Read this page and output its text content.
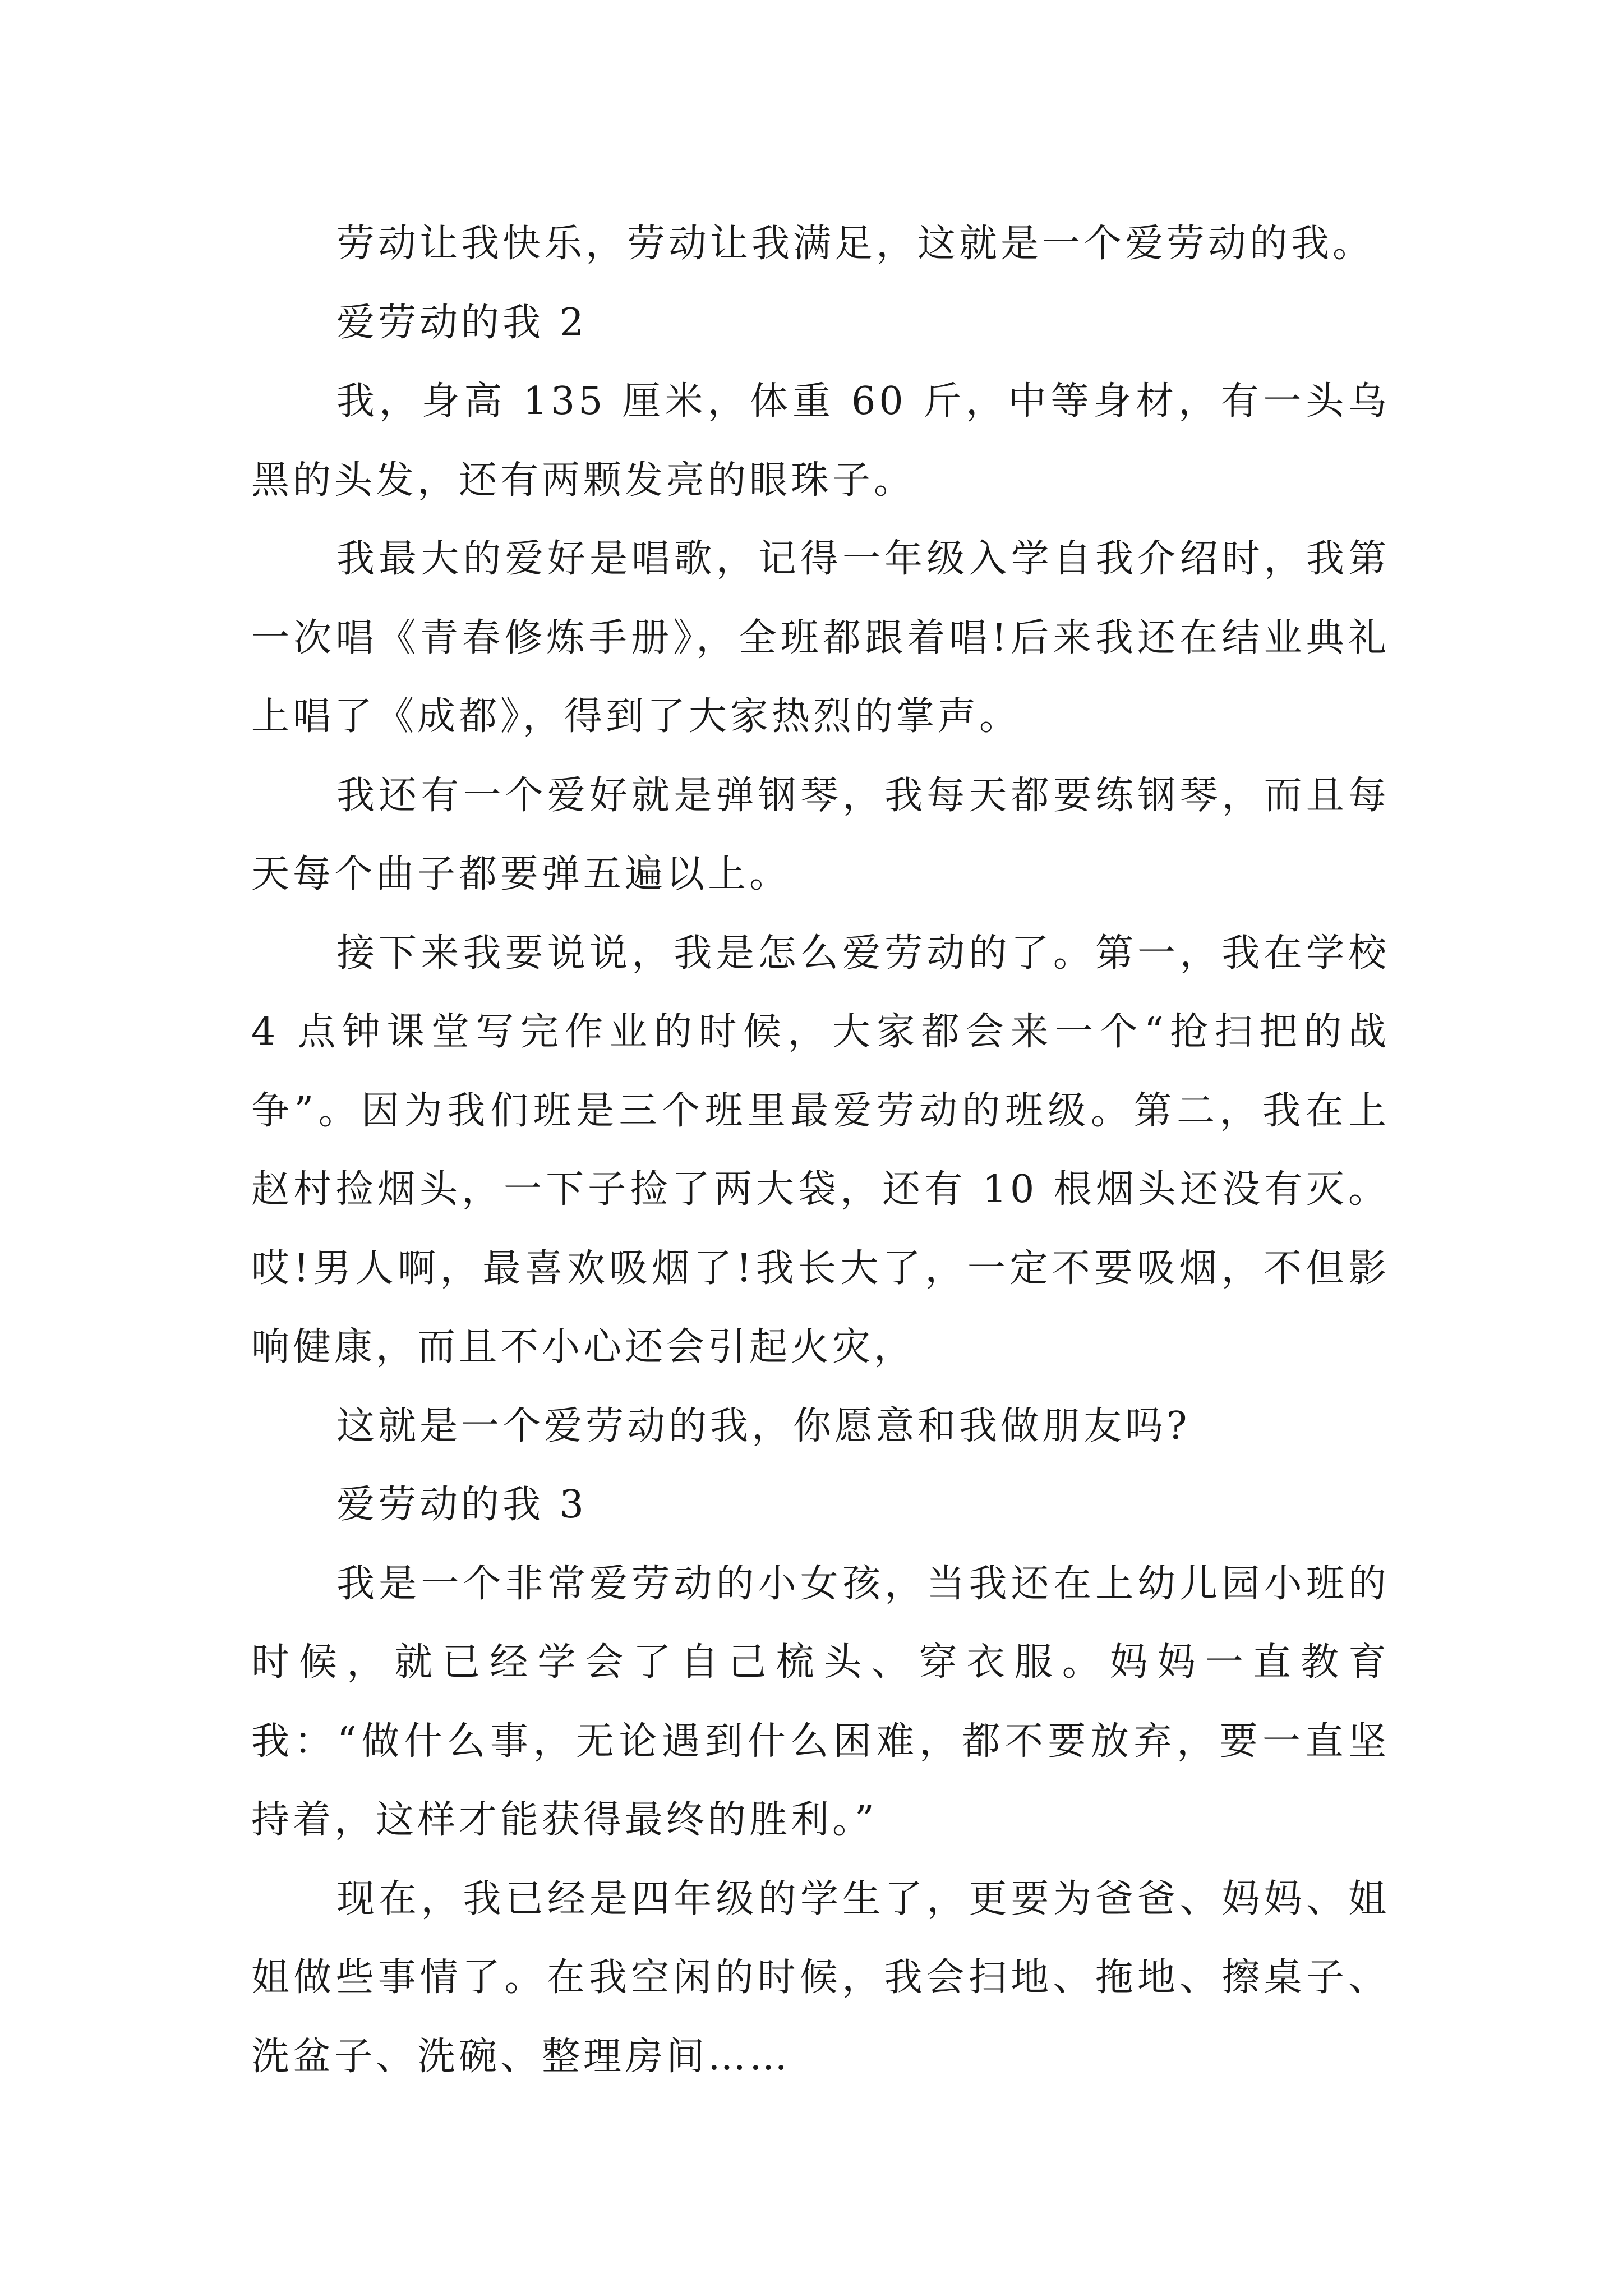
劳动让我快乐，劳动让我满足，这就是一个爱劳动的我。

爱劳动的我 2

我，身高 135 厘米，体重 60 斤，中等身材，有一头乌黑的头发，还有两颗发亮的眼珠子。

我最大的爱好是唱歌，记得一年级入学自我介绍时，我第一次唱《青春修炼手册》，全班都跟着唱!后来我还在结业典礼上唱了《成都》，得到了大家热烈的掌声。

我还有一个爱好就是弹钢琴，我每天都要练钢琴，而且每天每个曲子都要弹五遍以上。

接下来我要说说，我是怎么爱劳动的了。第一，我在学校 4 点钟课堂写完作业的时候，大家都会来一个“抢扫把的战争”。因为我们班是三个班里最爱劳动的班级。第二，我在上赵村捡烟头，一下子捡了两大袋，还有 10 根烟头还没有灭。哎!男人啊，最喜欢吸烟了!我长大了，一定不要吸烟，不但影响健康，而且不小心还会引起火灾，

这就是一个爱劳动的我，你愿意和我做朋友吗?

爱劳动的我 3

我是一个非常爱劳动的小女孩，当我还在上幼儿园小班的时候，就已经学会了自己梳头、穿衣服。妈妈一直教育我：“做什么事，无论遇到什么困难，都不要放弃，要一直坚持着，这样才能获得最终的胜利。”

现在，我已经是四年级的学生了，更要为爸爸、妈妈、姐姐做些事情了。在我空闲的时候，我会扫地、拖地、擦桌子、洗盆子、洗碗、整理房间……
